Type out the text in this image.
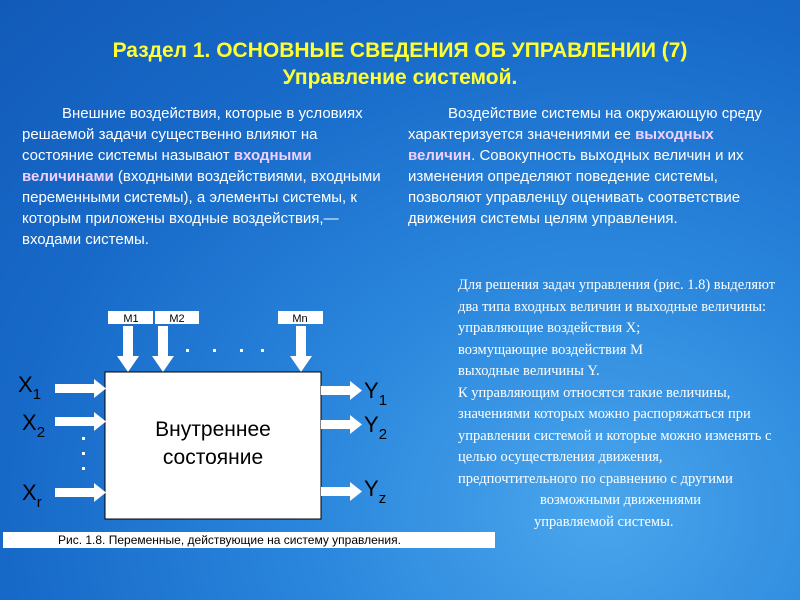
Раздел 1. ОСНОВНЫЕ СВЕДЕНИЯ ОБ УПРАВЛЕНИИ (7)
Управление системой.
Внешние воздействия, которые в условиях решаемой задачи существенно влияют на состояние системы называют входными величинами (входными воздействиями, входными переменными системы), а элементы системы, к которым приложены входные воздействия,— входами системы.
Воздействие системы на окружающую среду характеризуется значениями ее выходных величин. Совокупность выходных величин и их изменения определяют поведение системы, позволяют управленцу оценивать соответствие движения системы целям управления.

Для решения задач управления (рис. 1.8) выделяют два типа входных величин и выходные величины:

управляющие воздействия X;

возмущающие воздействия М

выходные величины Y.

К управляющим относятся такие величины, значениями которых можно распоряжаться при управлении системой и которые можно изменять с целью осуществления движения, предпочтительного по сравнению с другими

возможными движениями

управляемой системы.

M1	M2	Mn
Внутреннее
состояние
$X_1$
$X_2$
$X_r$
$Y_1$
$Y_2$
$Y_z$
Рис. 1.8. Переменные, действующие на систему управления.
